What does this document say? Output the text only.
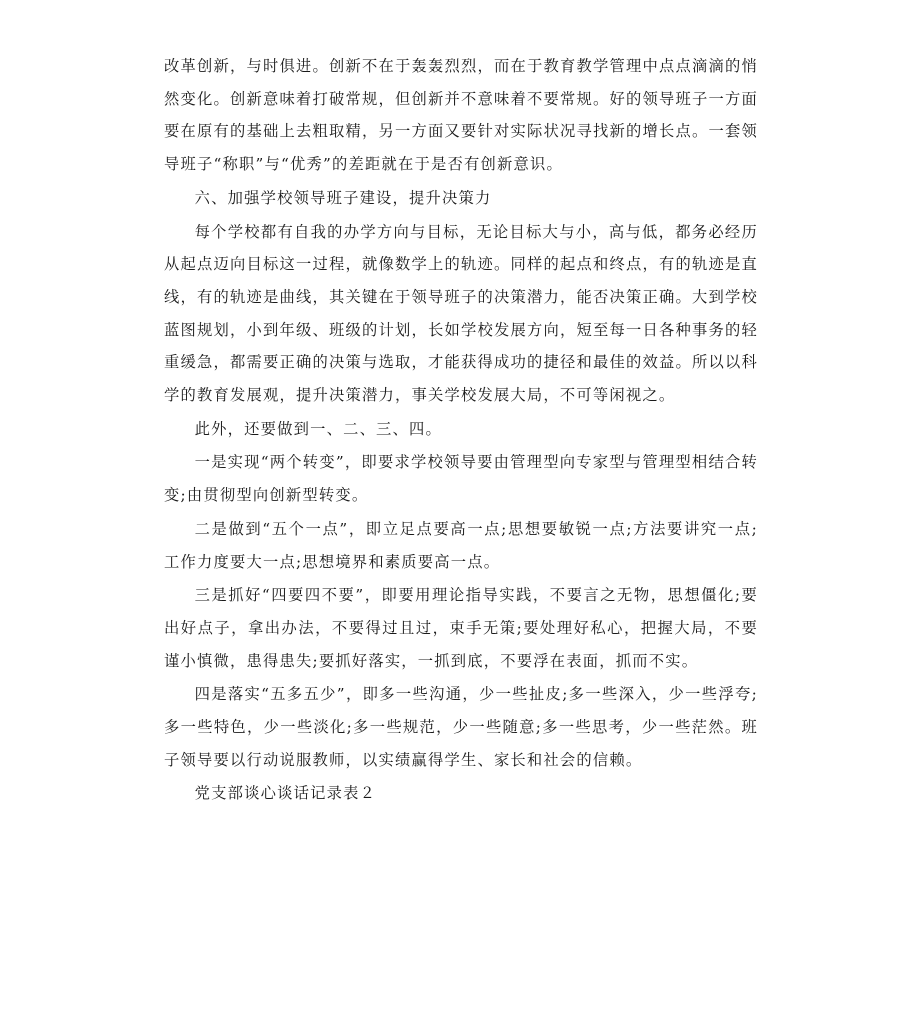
改革创新，与时俱进。创新不在于轰轰烈烈，而在于教育教学管理中点点滴滴的悄然变化。创新意味着打破常规，但创新并不意味着不要常规。好的领导班子一方面要在原有的基础上去粗取精，另一方面又要针对实际状况寻找新的增长点。一套领导班子“称职”与“优秀”的差距就在于是否有创新意识。

六、加强学校领导班子建设，提升决策力

每个学校都有自我的办学方向与目标，无论目标大与小，高与低，都务必经历从起点迈向目标这一过程，就像数学上的轨迹。同样的起点和终点，有的轨迹是直线，有的轨迹是曲线，其关键在于领导班子的决策潜力，能否决策正确。大到学校蓝图规划，小到年级、班级的计划，长如学校发展方向，短至每一日各种事务的轻重缓急，都需要正确的决策与选取，才能获得成功的捷径和最佳的效益。所以以科学的教育发展观，提升决策潜力，事关学校发展大局，不可等闲视之。

此外，还要做到一、二、三、四。

一是实现“两个转变”，即要求学校领导要由管理型向专家型与管理型相结合转变;由贯彻型向创新型转变。

二是做到“五个一点”，即立足点要高一点;思想要敏锐一点;方法要讲究一点;工作力度要大一点;思想境界和素质要高一点。

三是抓好“四要四不要”，即要用理论指导实践，不要言之无物，思想僵化;要出好点子，拿出办法，不要得过且过，束手无策;要处理好私心，把握大局，不要谨小慎微，患得患失;要抓好落实，一抓到底，不要浮在表面，抓而不实。

四是落实“五多五少”，即多一些沟通，少一些扯皮;多一些深入，少一些浮夸;多一些特色，少一些淡化;多一些规范，少一些随意;多一些思考，少一些茫然。班子领导要以行动说服教师，以实绩赢得学生、家长和社会的信赖。

党支部谈心谈话记录表２
